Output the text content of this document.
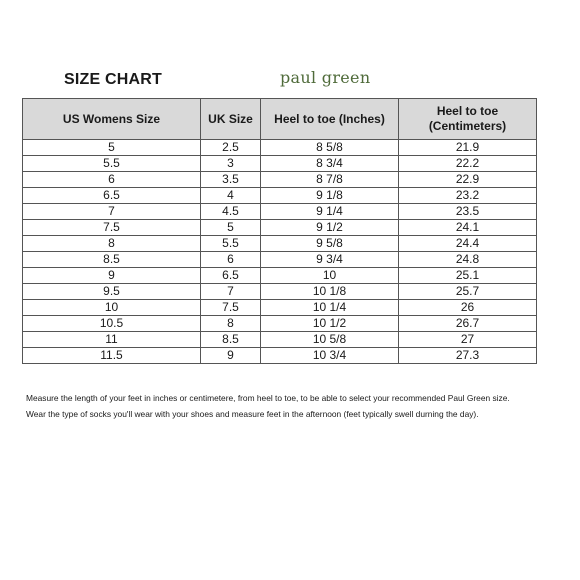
SIZE CHART	paul green
US Womens Size	UK Size	Heel to toe (Inches)	Heel to toe
(Centimeters)
5	2.5	8 5/8	21.9
5.5	3	8 3/4	22.2
6	3.5	8 7/8	22.9
6.5	4	9 1/8	23.2
7	4.5	9 1/4	23.5
7.5	5	9 1/2	24.1
8	5.5	9 5/8	24.4
8.5	6	9 3/4	24.8
9	6.5	10	25.1
9.5	7	10 1/8	25.7
10	7.5	10 1/4	26
10.5	8	10 1/2	26.7
11	8.5	10 5/8	27
11.5	9	10 3/4	27.3

Measure the length of your feet in inches or centimetere, from heel to toe, to be able to select your recommended Paul Green size.

Wear the type of socks you'll wear with your shoes and measure feet in the afternoon (feet typically swell durning the day).
